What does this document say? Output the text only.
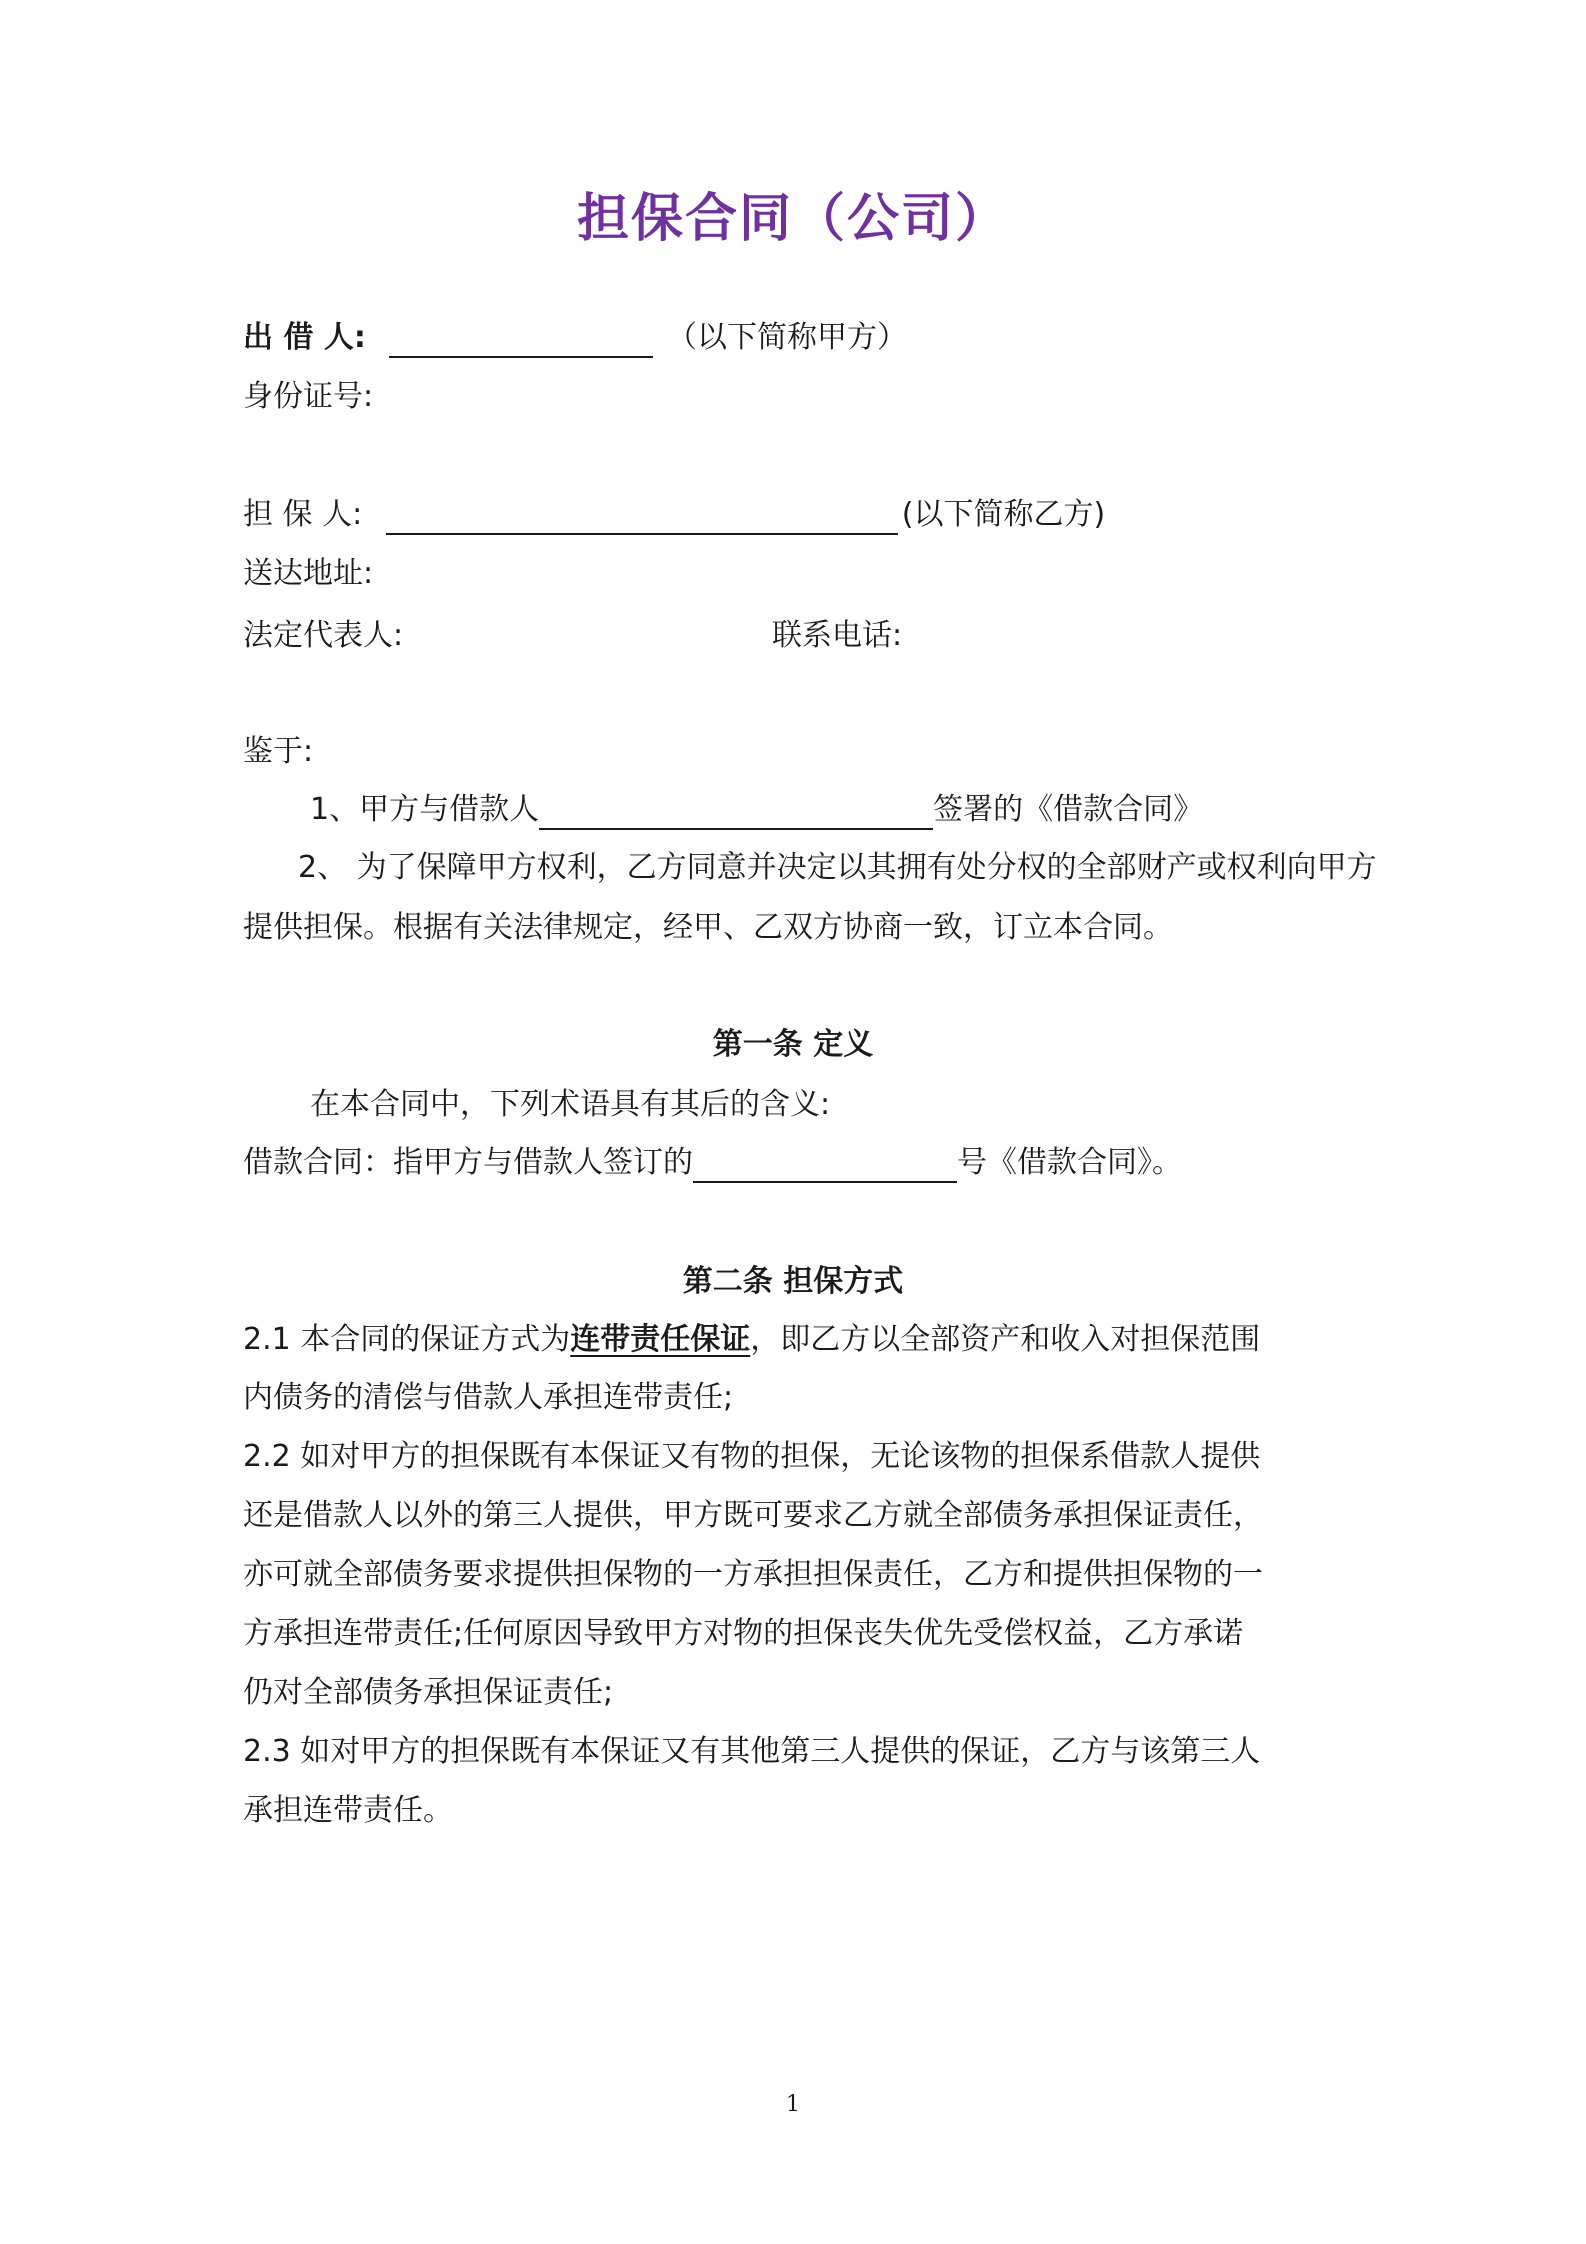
担保合同（公司）
出 借 人:	（以下简称甲方）
身份证号:
担 保 人:	(以下简称乙方)
送达地址:
法定代表人:	联系电话:
鉴于:
1、甲方与借款人	签署的《借款合同》
2、 为了保障甲方权利，乙方同意并决定以其拥有处分权的全部财产或权利向甲方
提供担保。根据有关法律规定，经甲、乙双方协商一致，订立本合同。
第一条 定义
在本合同中，下列术语具有其后的含义:
借款合同：指甲方与借款人签订的	号《借款合同》。
第二条 担保方式
2.1 本合同的保证方式为连带责任保证，即乙方以全部资产和收入对担保范围
内债务的清偿与借款人承担连带责任;
2.2 如对甲方的担保既有本保证又有物的担保，无论该物的担保系借款人提供
还是借款人以外的第三人提供，甲方既可要求乙方就全部债务承担保证责任，
亦可就全部债务要求提供担保物的一方承担担保责任，乙方和提供担保物的一
方承担连带责任;任何原因导致甲方对物的担保丧失优先受偿权益，乙方承诺
仍对全部债务承担保证责任;
2.3 如对甲方的担保既有本保证又有其他第三人提供的保证，乙方与该第三人
承担连带责任。
1
